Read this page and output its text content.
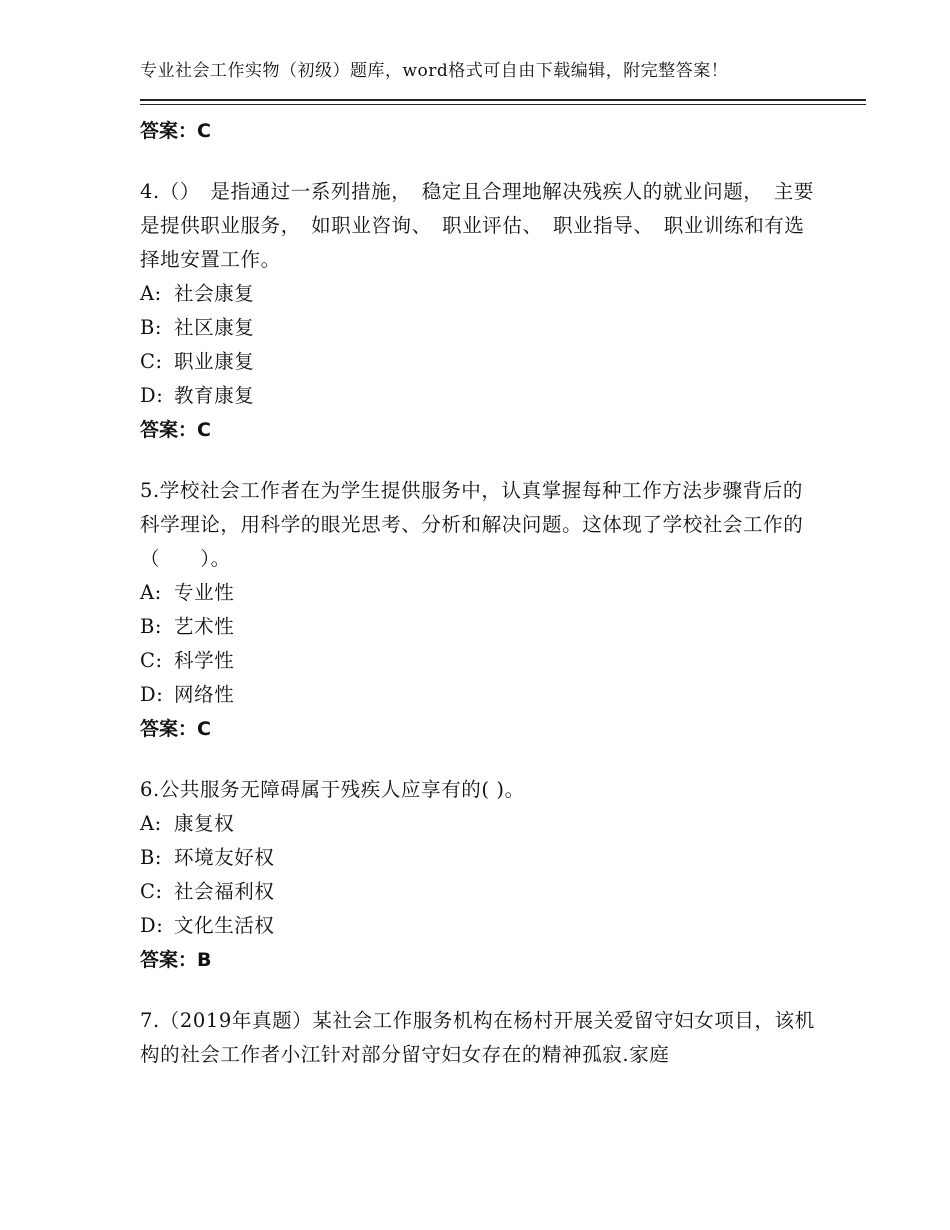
专业社会工作实物（初级）题库，word格式可自由下载编辑，附完整答案！
答案：C
4.（）　是指通过一系列措施，　稳定且合理地解决残疾人的就业问题，　主要是提供职业服务，　如职业咨询、　职业评估、　职业指导、　职业训练和有选择地安置工作。
A: 社会康复
B: 社区康复
C: 职业康复
D: 教育康复
答案：C
5.学校社会工作者在为学生提供服务中，认真掌握每种工作方法步骤背后的科学理论，用科学的眼光思考、分析和解决问题。这体现了学校社会工作的（　　）。
A: 专业性
B: 艺术性
C: 科学性
D: 网络性
答案：C
6.公共服务无障碍属于残疾人应享有的( )。
A: 康复权
B: 环境友好权
C: 社会福利权
D: 文化生活权
答案：B
7.（2019年真题）某社会工作服务机构在杨村开展关爱留守妇女项目，该机构的社会工作者小江针对部分留守妇女存在的精神孤寂.家庭
